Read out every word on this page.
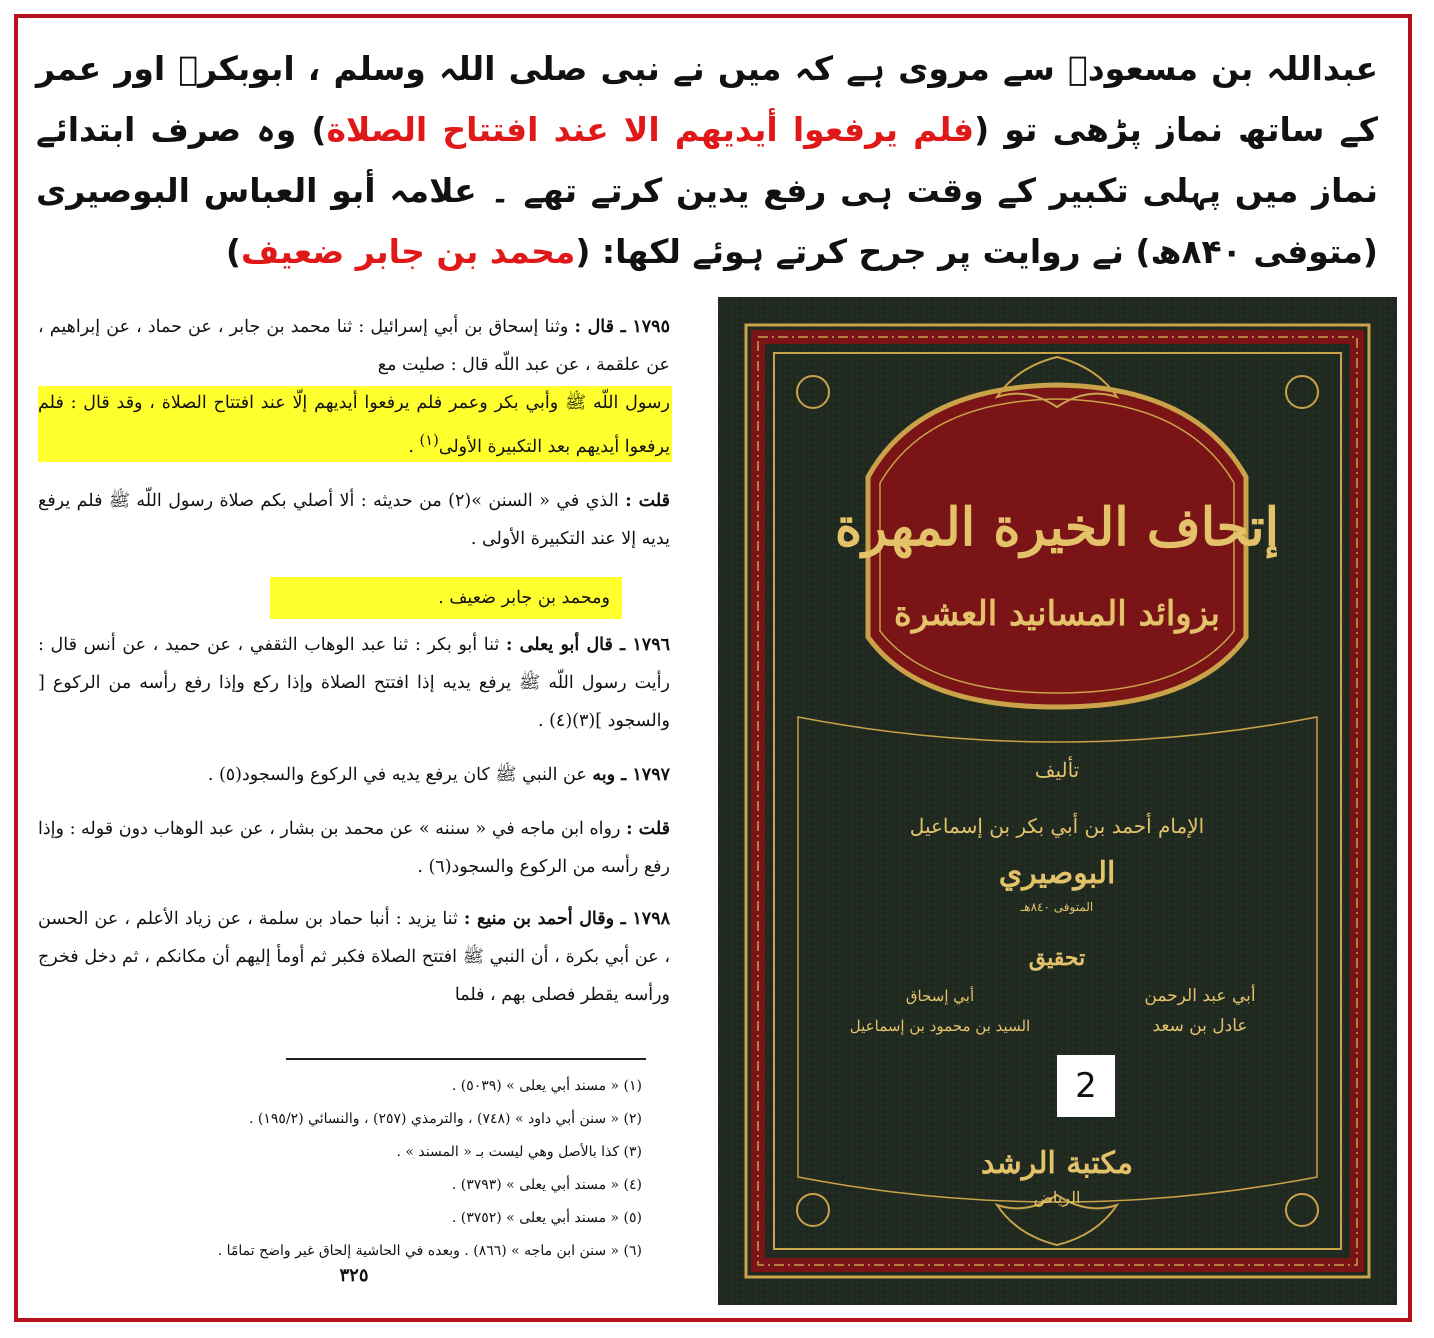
عبداللہ بن مسعودؓ سے مروی ہے کہ میں نے نبی صلی اللہ وسلم ، ابوبکرؓ اور عمر کے ساتھ نماز پڑھی تو (فلم يرفعوا أيديهم الا عند افتتاح الصلاة) وہ صرف ابتدائے نماز میں پہلی تکبیر کے وقت ہی رفع یدین کرتے تھے ۔ علامہ أبو العباس البوصیری (متوفی ۸۴۰ھ) نے روایت پر جرح کرتے ہوئے لکھا: (محمد بن جابر ضعیف)

١٧٩٥ ـ قال : وثنا إسحاق بن أبي إسرائيل : ثنا محمد بن جابر ، عن حماد ، عن إبراهيم ، عن علقمة ، عن عبد اللّه قال : صليت مع

رسول اللّه ﷺ وأبي بكر وعمر فلم يرفعوا أيديهم إلّا عند افتتاح الصلاة ، وقد قال : فلم يرفعوا أيديهم بعد التكبيرة الأولى$^{(١)}$ .

قلت : الذي في « السنن »(٢) من حديثه : ألا أصلي بكم صلاة رسول اللّه ﷺ فلم يرفع يديه إلا عند التكبيرة الأولى .

ومحمد بن جابر ضعيف .

١٧٩٦ ـ قال أبو يعلى : ثنا أبو بكر : ثنا عبد الوهاب الثقفي ، عن حميد ، عن أنس قال : رأيت رسول اللّه ﷺ يرفع يديه إذا افتتح الصلاة وإذا ركع وإذا رفع رأسه من الركوع [ والسجود ](٣)(٤) .

١٧٩٧ ـ وبه عن النبي ﷺ كان يرفع يديه في الركوع والسجود(٥) .

قلت : رواه ابن ماجه في « سننه » عن محمد بن بشار ، عن عبد الوهاب دون قوله : وإذا رفع رأسه من الركوع والسجود(٦) .

١٧٩٨ ـ وقال أحمد بن منيع : ثنا يزيد : أنبا حماد بن سلمة ، عن زياد الأعلم ، عن الحسن ، عن أبي بكرة ، أن النبي ﷺ افتتح الصلاة فكبر ثم أومأ إليهم أن مكانكم ، ثم دخل فخرج ورأسه يقطر فصلى بهم ، فلما

(١) « مسند أبي يعلى » (٥٠٣٩) .

(٢) « سنن أبي داود » (٧٤٨) ، والترمذي (٢٥٧) ، والنسائي (١٩٥/٢) .

(٣) كذا بالأصل وهي ليست بـ « المسند » .

(٤) « مسند أبي يعلى » (٣٧٩٣) .

(٥) « مسند أبي يعلى » (٣٧٥٢) .

(٦) « سنن ابن ماجه » (٨٦٦) . وبعده في الحاشية إلحاق غير واضح تمامًا .

٣٢٥
إتحاف الخيرة المهرة
بزوائد المسانيد العشرة
تأليف
الإمام أحمد بن أبي بكر بن إسماعيل
البوصيري
المتوفى ٨٤٠هـ
تحقيق
أبي عبد الرحمن
عادل بن سعد
أبي إسحاق
السيد بن محمود بن إسماعيل
مكتبة الرشد
الرياض
2
